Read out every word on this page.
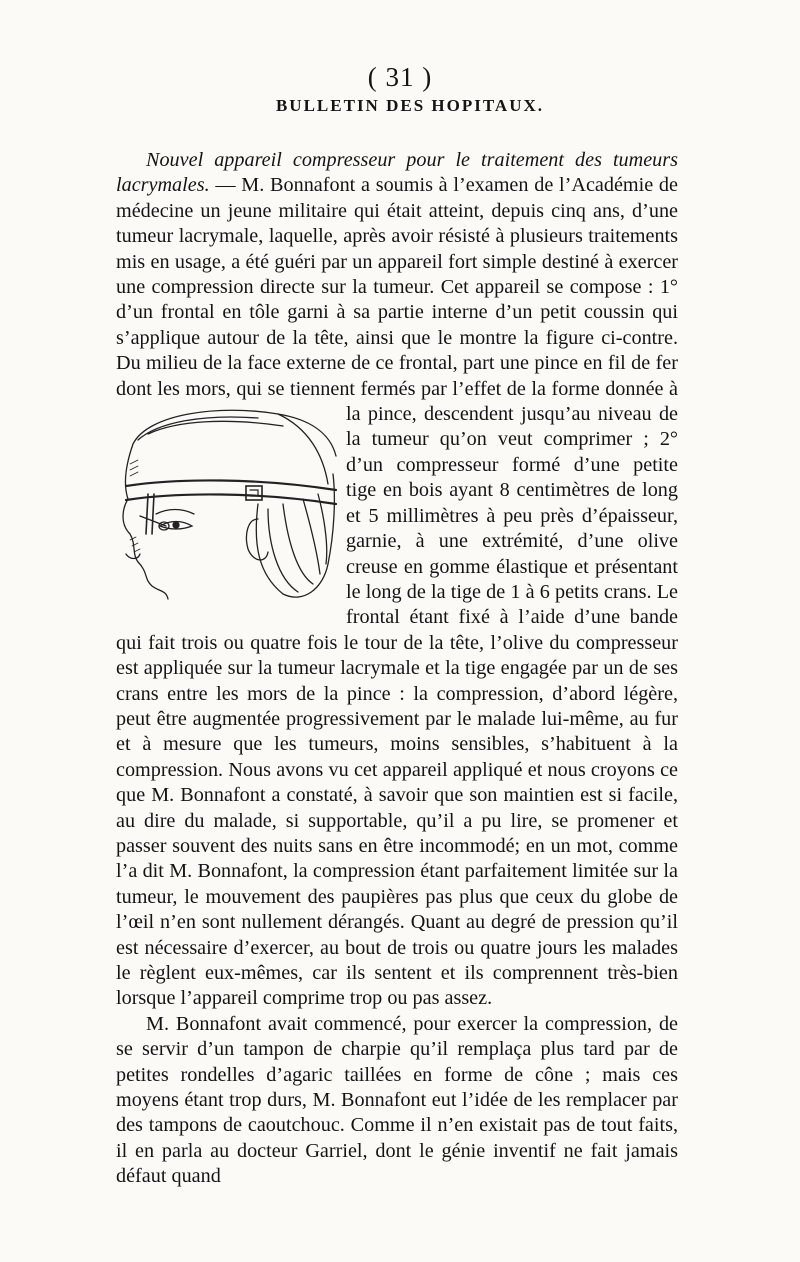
( 31 )
BULLETIN DES HOPITAUX.

Nouvel appareil compresseur pour le traitement des tumeurs lacrymales. — M. Bonnafont a soumis à l’examen de l’Académie de médecine un jeune militaire qui était atteint, depuis cinq ans, d’une tumeur lacrymale, laquelle, après avoir résisté à plusieurs traitements mis en usage, a été guéri par un appareil fort simple destiné à exercer une compression directe sur la tumeur. Cet appareil se compose : 1° d’un frontal en tôle garni à sa partie interne d’un petit coussin qui s’applique autour de la tête, ainsi que le montre la figure ci-contre. Du milieu de la face externe de ce frontal, part une pince en fil de fer dont les mors, qui se tiennent fermés par l’effet de la forme donnée
à la pince, descendent jusqu’au niveau de la tumeur qu’on veut comprimer ; 2° d’un compresseur formé d’une petite tige en bois ayant 8 centimètres de long et 5 millimètres à peu près d’épaisseur, garnie, à une extrémité, d’une olive creuse en gomme élastique et présentant le long de la tige de 1 à 6 petits crans. Le frontal étant fixé à l’aide d’une bande qui fait trois ou quatre fois le tour de la tête, l’olive du compresseur est appliquée sur la tumeur lacrymale et la tige engagée par un de ses crans entre les mors de la pince : la compression, d’abord légère, peut être augmentée progressivement par le malade lui-même, au fur et à mesure que les tumeurs, moins sensibles, s’habituent à la compression. Nous avons vu cet appareil appliqué et nous croyons ce que M. Bonnafont a constaté, à savoir que son maintien est si facile, au dire du malade, si supportable, qu’il a pu lire, se promener et passer souvent des nuits sans en être incommodé; en un mot, comme l’a dit M. Bonnafont, la compression étant parfaitement limitée sur la tumeur, le mouvement des paupières pas plus que ceux du globe de l’œil n’en sont nullement dérangés. Quant au degré de pression qu’il est nécessaire d’exercer, au bout de trois ou quatre jours les malades le règlent eux-mêmes, car ils sentent et ils comprennent très-bien lorsque l’appareil comprime trop ou pas assez.

M. Bonnafont avait commencé, pour exercer la compression, de se servir d’un tampon de charpie qu’il remplaça plus tard par de petites rondelles d’agaric taillées en forme de cône ; mais ces moyens étant trop durs, M. Bonnafont eut l’idée de les remplacer par des tampons de caoutchouc. Comme il n’en existait pas de tout faits, il en parla au docteur Garriel, dont le génie inventif ne fait jamais défaut quand
